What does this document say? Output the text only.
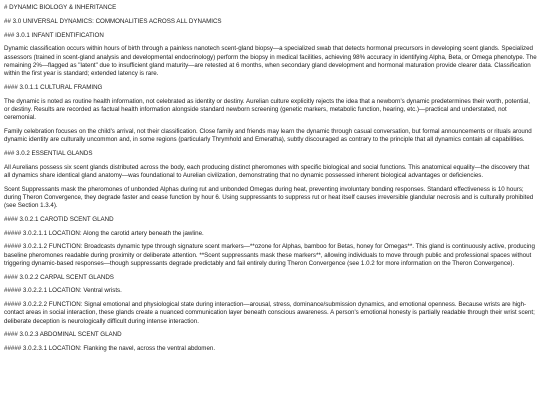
# DYNAMIC BIOLOGY & INHERITANCE

## 3.0 UNIVERSAL DYNAMICS: COMMONALITIES ACROSS ALL DYNAMICS

### 3.0.1 INFANT IDENTIFICATION

Dynamic classification occurs within hours of birth through a painless nanotech scent-gland biopsy—a specialized swab that detects hormonal precursors in developing scent glands. Specialized assessors (trained in scent-gland analysis and developmental endocrinology) perform the biopsy in medical facilities, achieving 98% accuracy in identifying Alpha, Beta, or Omega phenotype. The remaining 2%—flagged as "latent" due to insufficient gland maturity—are retested at 6 months, when secondary gland development and hormonal maturation provide clearer data. Classification within the first year is standard; extended latency is rare.

#### 3.0.1.1 CULTURAL FRAMING

The dynamic is noted as routine health information, not celebrated as identity or destiny. Aurelian culture explicitly rejects the idea that a newborn's dynamic predetermines their worth, potential, or destiny. Results are recorded as factual health information alongside standard newborn screening (genetic markers, metabolic function, hearing, etc.)—practical and understated, not ceremonial.

Family celebration focuses on the child's arrival, not their classification. Close family and friends may learn the dynamic through casual conversation, but formal announcements or rituals around dynamic identity are culturally uncommon and, in some regions (particularly Thrymhold and Emeratha), subtly discouraged as contrary to the principle that all dynamics contain all capabilities.

### 3.0.2 ESSENTIAL GLANDS

All Aurelians possess six scent glands distributed across the body, each producing distinct pheromones with specific biological and social functions. This anatomical equality—the discovery that all dynamics share identical gland anatomy—was foundational to Aurelian civilization, demonstrating that no dynamic possessed inherent biological advantages or deficiencies.

Scent Suppressants mask the pheromones of unbonded Alphas during rut and unbonded Omegas during heat, preventing involuntary bonding responses. Standard effectiveness is 10 hours; during Theron Convergence, they degrade faster and cease function by hour 6. Using suppressants to suppress rut or heat itself causes irreversible glandular necrosis and is culturally prohibited (see Section 1.3.4).

#### 3.0.2.1 CAROTID SCENT GLAND

##### 3.0.2.1.1 LOCATION: Along the carotid artery beneath the jawline.

##### 3.0.2.1.2 FUNCTION: Broadcasts dynamic type through signature scent markers—**ozone for Alphas, bamboo for Betas, honey for Omegas**. This gland is continuously active, producing baseline pheromones readable during proximity or deliberate attention. **Scent suppressants mask these markers**, allowing individuals to move through public and professional spaces without triggering dynamic-based responses—though suppressants degrade predictably and fail entirely during Theron Convergence (see 1.0.2 for more information on the Theron Convergence).

#### 3.0.2.2 CARPAL SCENT GLANDS

##### 3.0.2.2.1 LOCATION: Ventral wrists.

##### 3.0.2.2.2 FUNCTION: Signal emotional and physiological state during interaction—arousal, stress, dominance/submission dynamics, and emotional openness. Because wrists are high-contact areas in social interaction, these glands create a nuanced communication layer beneath conscious awareness. A person's emotional honesty is partially readable through their wrist scent; deliberate deception is neurologically difficult during intense interaction.

#### 3.0.2.3 ABDOMINAL SCENT GLAND

##### 3.0.2.3.1 LOCATION: Flanking the navel, across the ventral abdomen.
